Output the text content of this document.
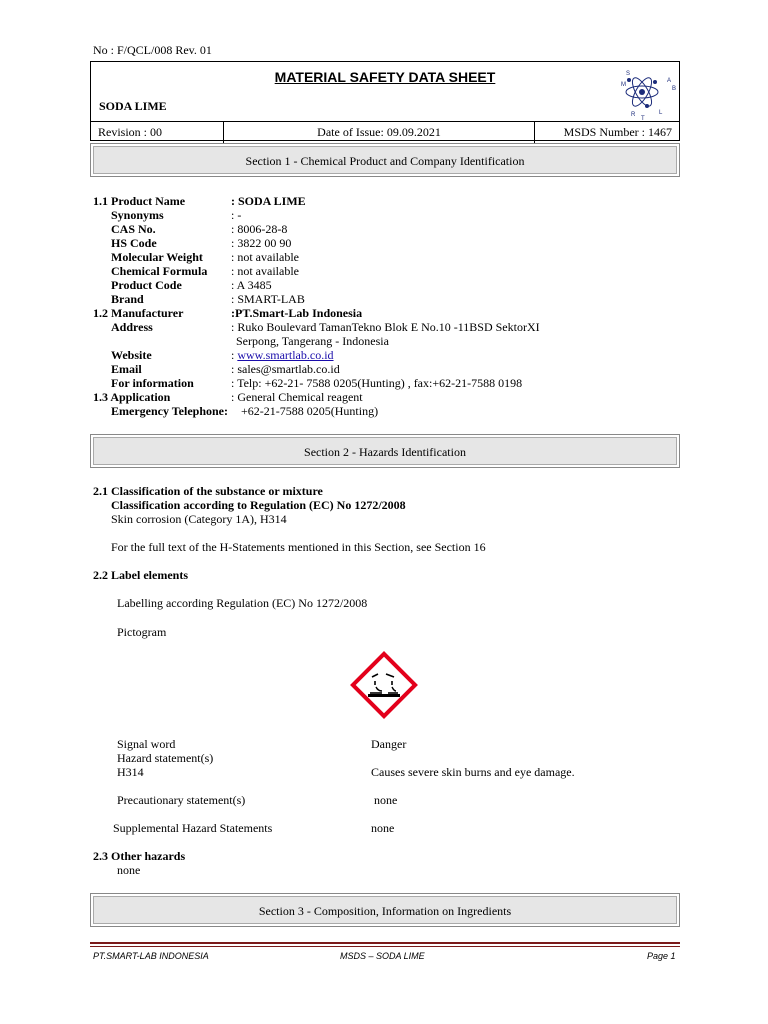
No : F/QCL/008 Rev. 01
MATERIAL SAFETY DATA SHEET
SODA LIME
A
B
S
M
R
T
L
Revision : 00	Date of Issue: 09.09.2021	MSDS Number : 1467
Section 1 - Chemical Product and Company Identification
1.1 Product Name	: SODA LIME
Synonyms	: -
CAS No.	: 8006-28-8
HS Code	: 3822 00 90
Molecular Weight : not available
Chemical Formula : not available
Product Code	: A 3485
Brand	: SMART-LAB
1.2 Manufacturer	:PT.Smart-Lab Indonesia
Address	: Ruko Boulevard TamanTekno Blok E No.10 -11BSD SektorXI
Serpong, Tangerang - Indonesia
Website	: www.smartlab.co.id
Email	: sales@smartlab.co.id
For information	: Telp: +62-21- 7588 0205(Hunting) , fax:+62-21-7588 0198
1.3 Application	: General Chemical reagent
Emergency Telephone: +62-21-7588 0205(Hunting)
Section 2 - Hazards Identification
2.1 Classification of the substance or mixture
Classification according to Regulation (EC) No 1272/2008
Skin corrosion (Category 1A), H314
For the full text of the H-Statements mentioned in this Section, see Section 16
2.2 Label elements
Labelling according Regulation (EC) No 1272/2008
Pictogram
Signal word	Danger
Hazard statement(s)
H314	Causes severe skin burns and eye damage.
Precautionary statement(s)	none
Supplemental Hazard Statements	none
2.3 Other hazards
none
Section 3 - Composition, Information on Ingredients
PT.SMART-LAB INDONESIA	MSDS – SODA LIME	Page 1
